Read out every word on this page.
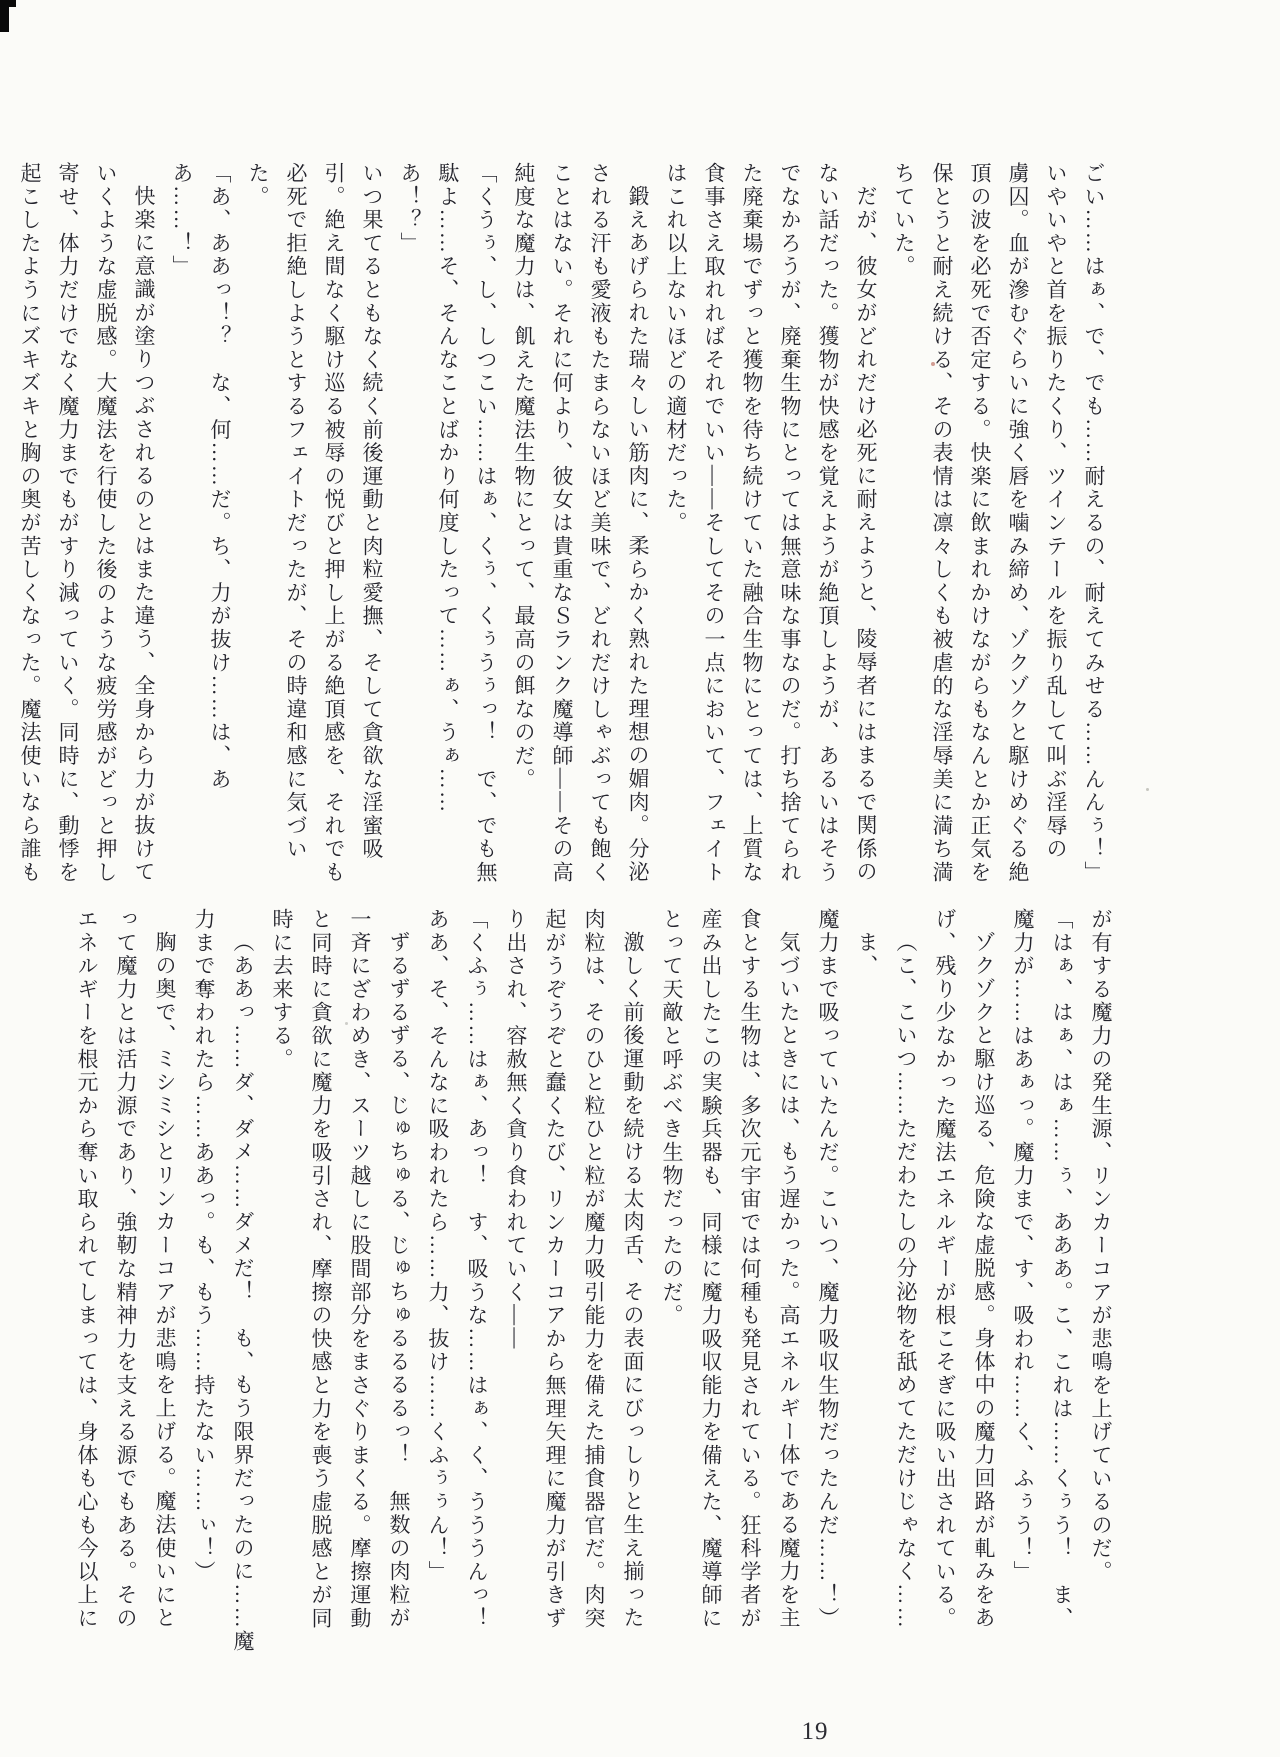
ごい……はぁ、で、でも……耐えるの、耐えてみせる……んんぅ！」
いやいやと首を振りたくり、ツインテールを振り乱して叫ぶ淫辱の
虜囚。血が滲むぐらいに強く唇を噛み締め、ゾクゾクと駆けめぐる絶
頂の波を必死で否定する。快楽に飲まれかけながらもなんとか正気を
保とうと耐え続ける、その表情は凛々しくも被虐的な淫辱美に満ち満
ちていた。
だが、彼女がどれだけ必死に耐えようと、陵辱者にはまるで関係の
ない話だった。獲物が快感を覚えようが絶頂しようが、あるいはそう
でなかろうが、廃棄生物にとっては無意味な事なのだ。打ち捨てられ
た廃棄場でずっと獲物を待ち続けていた融合生物にとっては、上質な
食事さえ取れればそれでいい――そしてその一点において、フェイト
はこれ以上ないほどの適材だった。
鍛えあげられた瑞々しい筋肉に、柔らかく熟れた理想の媚肉。分泌
される汗も愛液もたまらないほど美味で、どれだけしゃぶっても飽く
ことはない。それに何より、彼女は貴重なＳランク魔導師――その高
純度な魔力は、飢えた魔法生物にとって、最高の餌なのだ。
「くうぅ、し、しつこい……はぁ、くぅ、くぅうぅっ！　で、でも無
駄よ……そ、そんなことばかり何度したって……ぁ、うぁ……あ！？」
いつ果てるともなく続く前後運動と肉粒愛撫、そして貪欲な淫蜜吸
引。絶え間なく駆け巡る被辱の悦びと押し上がる絶頂感を、それでも
必死で拒絶しようとするフェイトだったが、その時違和感に気づいた。
「あ、ああっ！？　な、何……だ。ち、力が抜け……は、ああ……！」
快楽に意識が塗りつぶされるのとはまた違う、全身から力が抜けて
いくような虚脱感。大魔法を行使した後のような疲労感がどっと押し
寄せ、体力だけでなく魔力までもがすり減っていく。同時に、動悸を
起こしたようにズキズキと胸の奥が苦しくなった。魔法使いなら誰も
が有する魔力の発生源、リンカーコアが悲鳴を上げているのだ。
「はぁ、はぁ、はぁ……ぅ、あああ。こ、これは……くぅう！　ま、
魔力が……はあぁっ。魔力まで、す、吸われ……く、ふぅう！」
ゾクゾクと駆け巡る、危険な虚脱感。身体中の魔力回路が軋みをあ
げ、残り少なかった魔法エネルギーが根こそぎに吸い出されている。
（こ、こいつ……ただわたしの分泌物を舐めてただけじゃなく……ま、
魔力まで吸っていたんだ。こいつ、魔力吸収生物だったんだ……！）
気づいたときには、もう遅かった。高エネルギー体である魔力を主
食とする生物は、多次元宇宙では何種も発見されている。狂科学者が
産み出したこの実験兵器も、同様に魔力吸収能力を備えた、魔導師に
とって天敵と呼ぶべき生物だったのだ。
激しく前後運動を続ける太肉舌、その表面にびっしりと生え揃った
肉粒は、そのひと粒ひと粒が魔力吸引能力を備えた捕食器官だ。肉突
起がうぞうぞと蠢くたび、リンカーコアから無理矢理に魔力が引きず
り出され、容赦無く貪り食われていく――
「くふぅ……はぁ、あっ！　す、吸うな……はぁ、く、うううんっ！
ああ、そ、そんなに吸われたら……力、抜け……くふぅぅん！」
ずるずるずる、じゅちゅる、じゅちゅるるるるっ！　無数の肉粒が
一斉にざわめき、スーツ越しに股間部分をまさぐりまくる。摩擦運動
と同時に貪欲に魔力を吸引され、摩擦の快感と力を喪う虚脱感とが同
時に去来する。
（ああっ……ダ、ダメ……ダメだ！　も、もう限界だったのに……魔
力まで奪われたら……ああっ。も、もう……持たない……ぃ！）
胸の奥で、ミシミシとリンカーコアが悲鳴を上げる。魔法使いにと
って魔力とは活力源であり、強靭な精神力を支える源でもある。その
エネルギーを根元から奪い取られてしまっては、身体も心も今以上に
19
